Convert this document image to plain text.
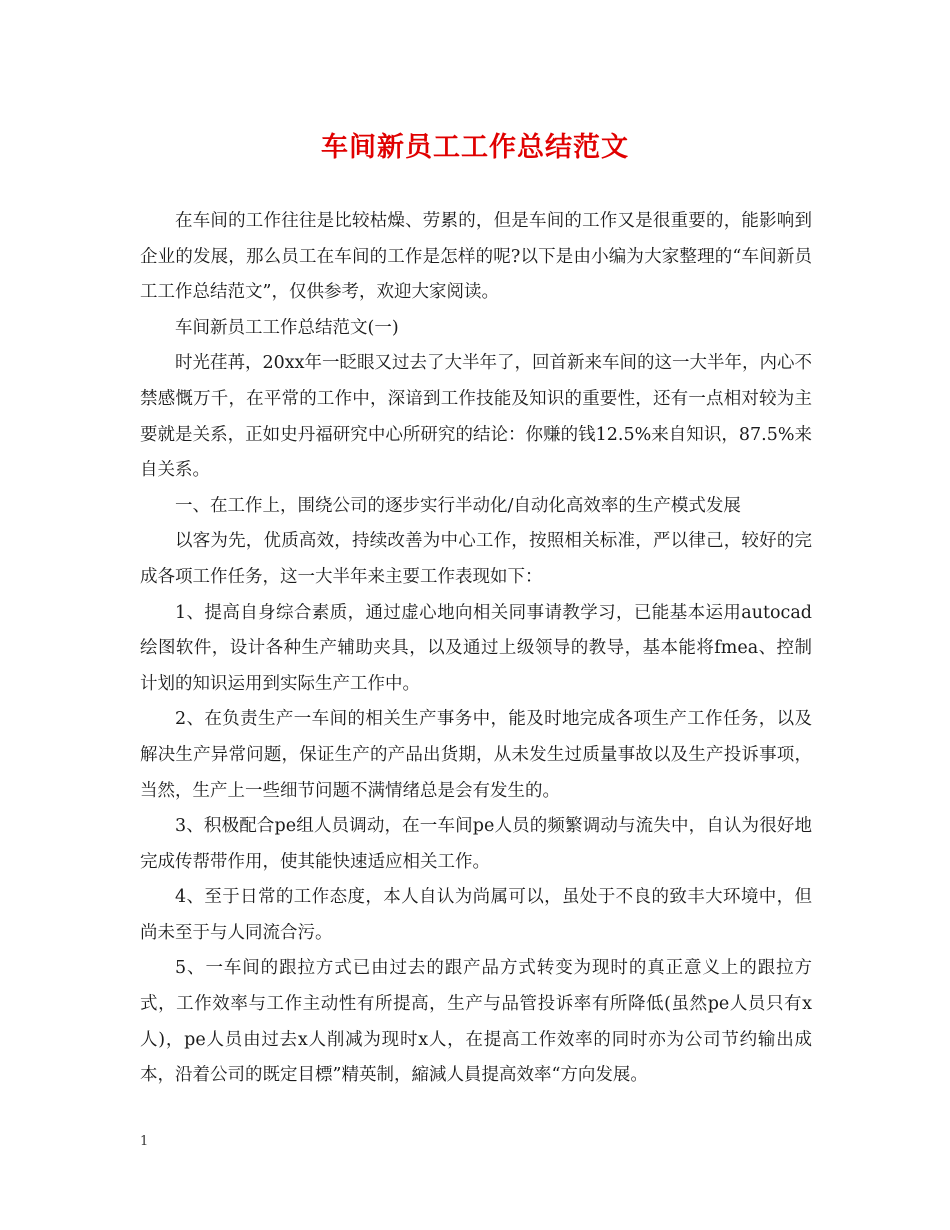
车间新员工工作总结范文

在车间的工作往往是比较枯燥、劳累的，但是车间的工作又是很重要的，能影响到企业的发展，那么员工在车间的工作是怎样的呢?以下是由小编为大家整理的“车间新员工工作总结范文”，仅供参考，欢迎大家阅读。

车间新员工工作总结范文(一)

时光荏苒，20xx年一眨眼又过去了大半年了，回首新来车间的这一大半年，内心不禁感慨万千，在平常的工作中，深谙到工作技能及知识的重要性，还有一点相对较为主要就是关系，正如史丹福研究中心所研究的结论：你赚的钱12.5%来自知识，87.5%来自关系。

一、在工作上，围绕公司的逐步实行半动化/自动化高效率的生产模式发展

以客为先，优质高效，持续改善为中心工作，按照相关标准，严以律己，较好的完成各项工作任务，这一大半年来主要工作表现如下：

1、提高自身综合素质，通过虚心地向相关同事请教学习，已能基本运用autocad绘图软件，设计各种生产辅助夹具，以及通过上级领导的教导，基本能将fmea、控制计划的知识运用到实际生产工作中。

2、在负责生产一车间的相关生产事务中，能及时地完成各项生产工作任务，以及解决生产异常问题，保证生产的产品出货期，从未发生过质量事故以及生产投诉事项，当然，生产上一些细节问题不满情绪总是会有发生的。

3、积极配合pe组人员调动，在一车间pe人员的频繁调动与流失中，自认为很好地完成传帮带作用，使其能快速适应相关工作。

4、至于日常的工作态度，本人自认为尚属可以，虽处于不良的致丰大环境中，但尚未至于与人同流合污。

5、一车间的跟拉方式已由过去的跟产品方式转变为现时的真正意义上的跟拉方式，工作效率与工作主动性有所提高，生产与品管投诉率有所降低(虽然pe人员只有x人)，pe人员由过去x人削减为现时x人，在提高工作效率的同时亦为公司节约输出成本，沿着公司的既定目標”精英制，縮減人員提高效率“方向发展。

1
